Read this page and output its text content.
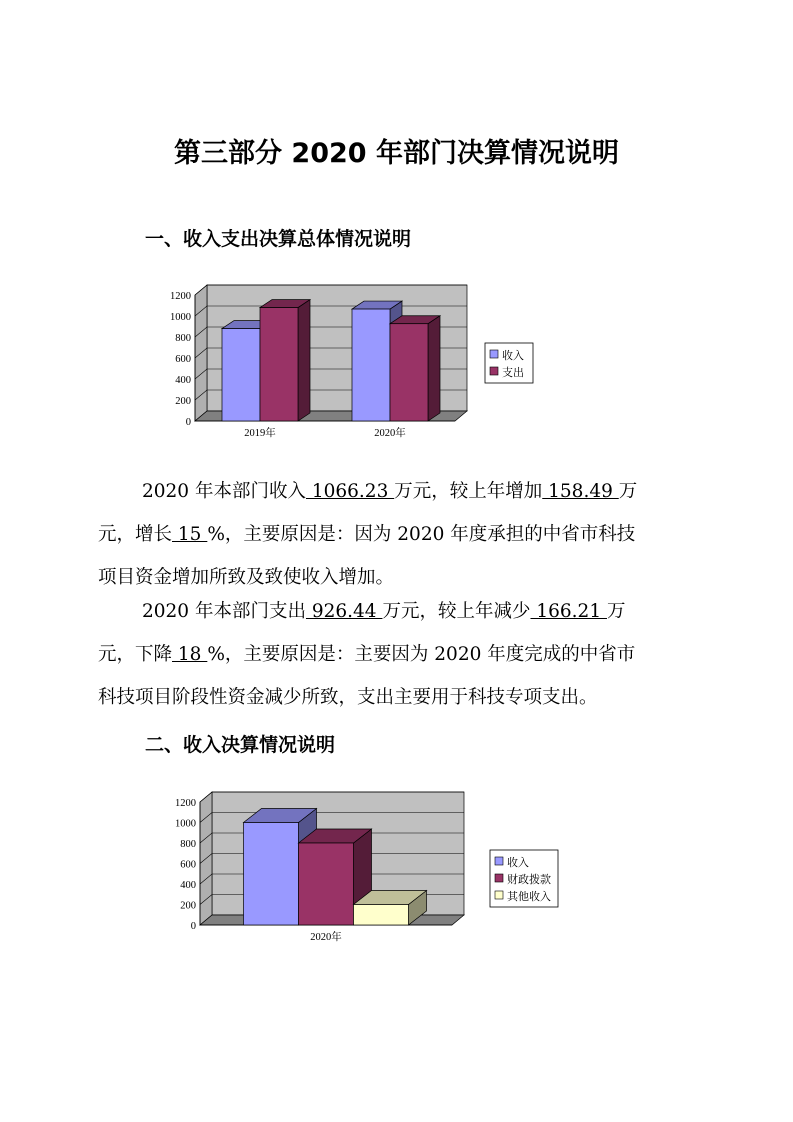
第三部分 2020 年部门决算情况说明
一、收入支出决算总体情况说明
0
200
400
600
800
1000
1200
2019年	2020年
收入
支出
2020 年本部门收入 1066.23 万元，较上年增加 158.49 万
元，增长 15 %，主要原因是：因为 2020 年度承担的中省市科技
项目资金增加所致及致使收入增加。
2020 年本部门支出 926.44 万元，较上年减少 166.21 万
元，下降 18 %，主要原因是：主要因为 2020 年度完成的中省市
科技项目阶段性资金减少所致，支出主要用于科技专项支出。
二、收入决算情况说明
0
200
400
600
800
1000
1200
2020年
收入
财政拨款
其他收入
